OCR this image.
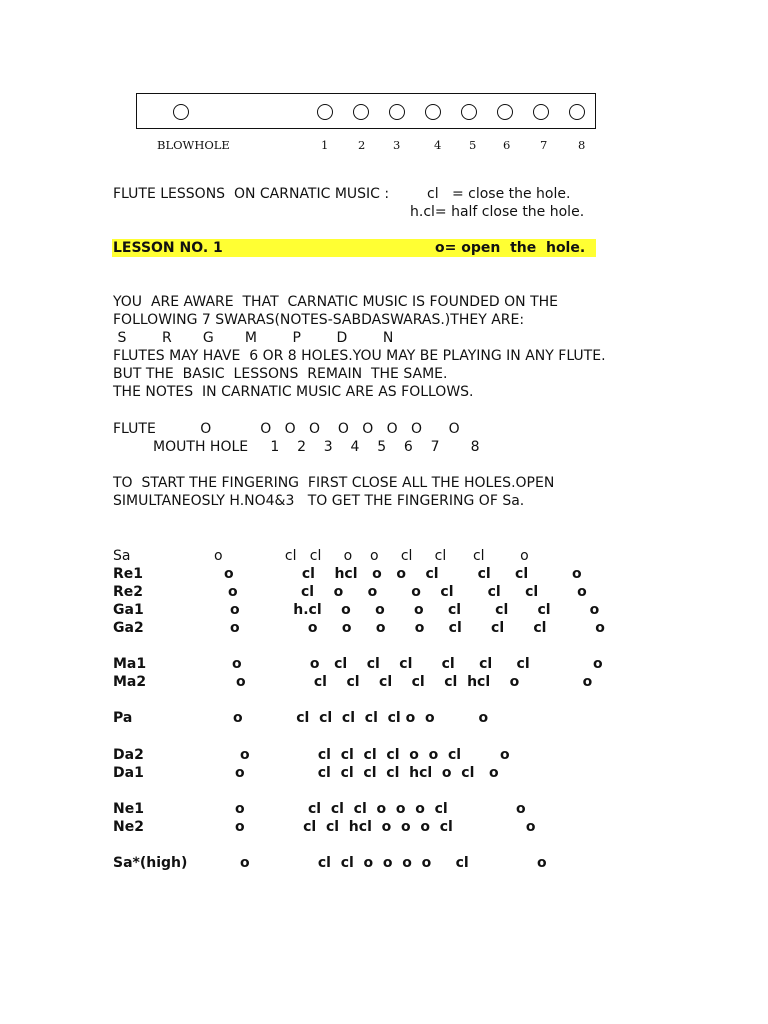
BLOWHOLE	1	2 3	4 5 6	7	8
FLUTE LESSONS  ON CARNATIC MUSIC :	cl   = close the hole.
h.cl= half close the hole.
LESSON NO. 1	o= open  the  hole.
YOU  ARE AWARE  THAT  CARNATIC MUSIC IS FOUNDED ON THE
FOLLOWING 7 SWARAS(NOTES-SABDASWARAS.)THEY ARE:
S        R       G       M        P        D        N
FLUTES MAY HAVE  6 OR 8 HOLES.YOU MAY BE PLAYING IN ANY FLUTE.
BUT THE  BASIC  LESSONS  REMAIN  THE SAME.
THE NOTES  IN CARNATIC MUSIC ARE AS FOLLOWS.
FLUTE          O           O   O   O    O   O   O   O      O
MOUTH HOLE     1    2    3    4    5    6    7       8
TO  START THE FINGERING  FIRST CLOSE ALL THE HOLES.OPEN
SIMULTANEOSLY H.NO4&3   TO GET THE FINGERING OF Sa.
Sa	o              cl   cl     o    o     cl     cl      cl        o
Re1	o              cl    hcl   o   o    cl        cl     cl         o
Re2	o             cl    o     o       o    cl       cl     cl        o
Ga1	o           h.cl    o     o      o     cl       cl      cl        o
Ga2	o              o     o     o      o     cl      cl      cl          o
Ma1	o              o   cl    cl    cl      cl     cl     cl             o
Ma2	o              cl    cl    cl    cl    cl  hcl    o             o
Pa	o           cl  cl  cl  cl  cl o  o         o
Da2	o              cl  cl  cl  cl  o  o  cl        o
Da1	o               cl  cl  cl  cl  hcl  o  cl   o
Ne1	o             cl  cl  cl  o  o  o  cl              o
Ne2	o            cl  cl  hcl  o  o  o  cl               o
Sa*(high)	o              cl  cl  o  o  o  o     cl              o
